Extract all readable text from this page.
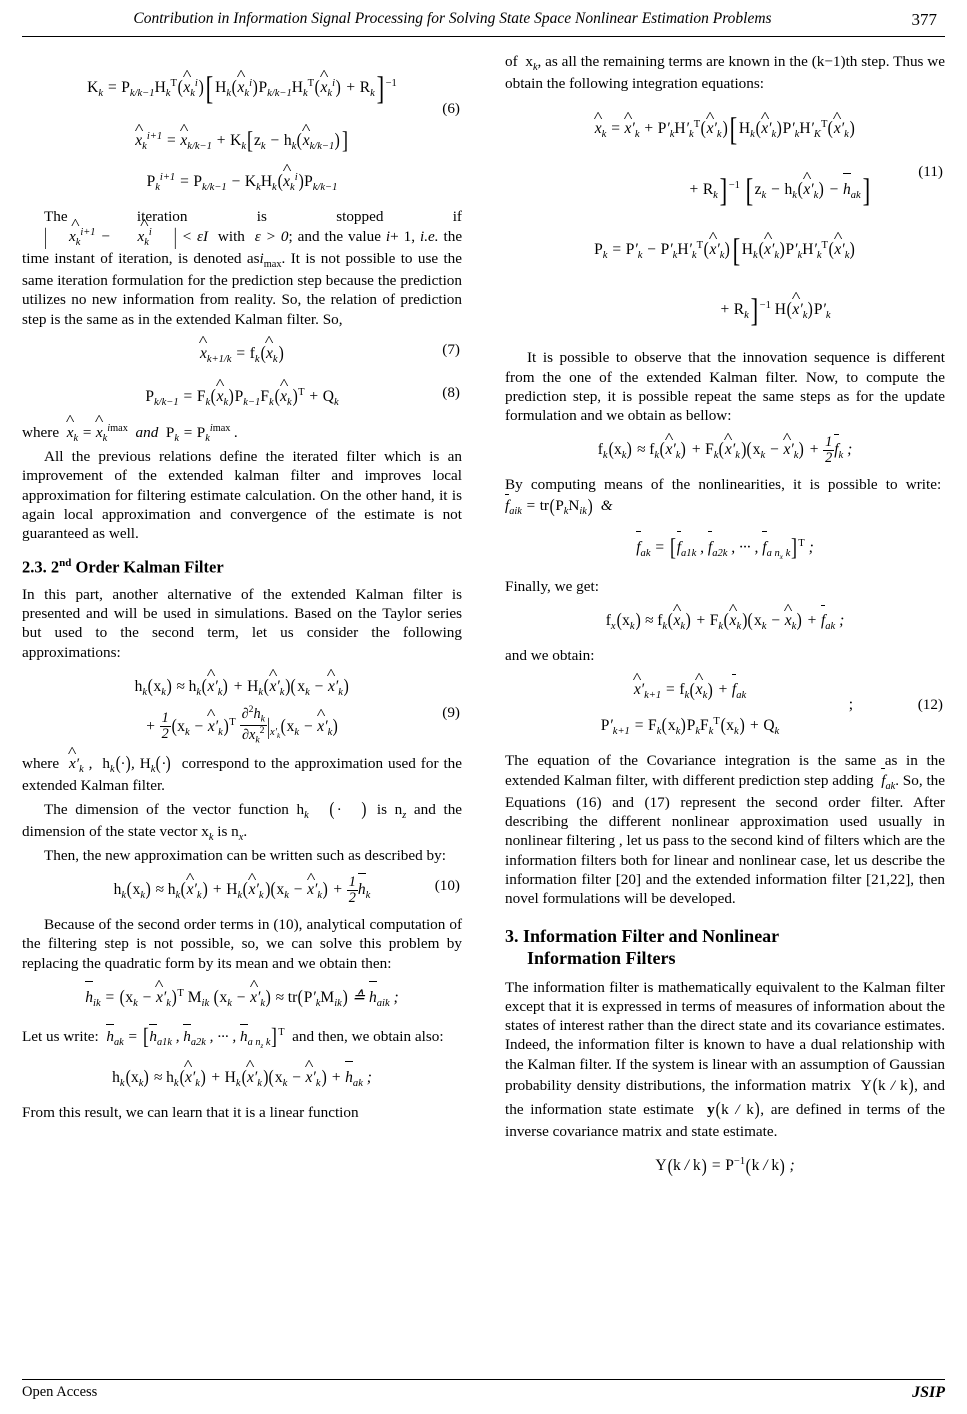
Contribution in Information Signal Processing for Solving State Space Nonlinear Estimation Problems	377
(6)
$K_k$ = $P_{k/k-1}H_k^T(\^{}$ $x_k^i$)[ $H_k(\^{}$ $x_k^i)P_{k/k-1}H_k^T(\^{}$ $x_k^i) + R_k$] $^{-1}$
^ $x_k^{i+1}$ = ^ $x_{k/k-1} + K_k[z_k$ − $h_k(\^{}$ $x_{k/k-1}$)]
$P_k^{i+1} = P_{k/k-1}$ − $K_kH_k(\^{}$ $x_k^i)P_{k/k-1}$

The iteration is stopped if | ^ $x_k^{i+1}$ − ^ $x_k^i$ | < εI with  ε > 0; and the value i+ 1, i.e. the time instant of iteration, is denoted asi$_{max}$. It is not possible to use the same iteration formulation for the prediction step because the prediction utilizes no new information from reality. So, the relation of prediction step is the same as in the extended Kalman filter. So,

(7)
^ $x_{k+1/k}$ = $f_k(\^{}$ $x_k$)
(8)
$P_{k/k-1}$ = $F_k(\^{}$ $x_k)P_{k-1}F_k(\^{}$ $x_k)^T + Q_k$

where ^ $x_k$ = ^ $x_k^{imax}$ and $P_k = P_k^{imax}$ .

All the previous relations define the iterated filter which is an improvement of the extended kalman filter and improves local approximation for filtering estimate calculation. On the other hand, it is again local approximation and convergence of the estimate is not guaranteed as well.

2.3. 2nd Order Kalman Filter

In this part, another alternative of the extended Kalman filter is presented and will be used in simulations. Based on the Taylor series but used to the second term, let us consider the following approximations:

(9)
$h_k(x_k)$ ≈ $h_k(\^{}$ $x'_k$) + $H_k(\^{}$ $x'_k)(x_k$ − ^ $x'_k$)
+ $\frac{1}{2} (x_k$ − ^ $x'_k)^T \frac{\partial^2h_k}{\partial x_k^2} |_{x'_k}(x_k$ − ^ $x'_k$)

where ^ $x'_k$ ,  $h_k(\cdot)$, $H_k(\cdot)$ correspond to the approximation used for the extended Kalman filter.

The dimension of the vector function $h_k$ ( · ) is $n_z$ and the dimension of the state vector $x_k$ is $n_x$.

Then, the new approximation can be written such as described by:

(10)
$h_k(x_k)$ ≈ $h_k(\^{}$ $x'_k$) + $H_k(\^{}$ $x'_k)(x_k$ − ^ $x'_k) + \frac{1}{2} h_k$

Because of the second order terms in (10), analytical computation of the filtering step is not possible, so, we can solve this problem by replacing the quadratic form by its mean and we obtain then:

$h_{ik} = (x_k$ − ^ $x'_k)^T$ $M_{ik}$ ($x_k$ − ^ $x'_k) \approx tr(P'_kM_{ik})$ ≙ $h_{aik}$ ;

Let us write: $h_{ak} = [h_{a1k}$ , $h_{a2k}$ , ··· , $h_{a n_z k}]^T$ and then, we obtain also:

$h_k(x_k)$ ≈ $h_k(\^{}$ $x'_k$) + $H_k(\^{}$ $x'_k)(x_k$ − ^ $x'_k) + h_{ak}$ ;

From this result, we can learn that it is a linear function

of $x_k$, as all the remaining terms are known in the (k−1)th step. Thus we obtain the following integration equations:

(11)
^ $x_k$ = ^ $x'_k$ + $P'_kH'_k^T(\^{}$ $x'_k$)[ $H_k(\^{}$ $x'_k)P'_kH'_K^T(\^{}$ $x'_k$)
+ $R_k$] $^{-1}$ [ $z_k$ − $h_k(\^{}$ $x'_k) - h_{ak}$]
$P_k = P'_k$ − $P'_kH'_k^T(\^{}$ $x'_k$)[ $H_k(\^{}$ $x'_k)P'_kH'_k^T(\^{}$ $x'_k$)
+ $R_k$] $^{-1}$ H(^ $x'_k)P'_k$

It is possible to observe that the innovation sequence is different from the one of the extended Kalman filter. Now, to compute the prediction step, it is possible repeat the same steps as for the update formulation and we obtain as bellow:

$f_k(x_k)$ ≈ $f_k(\^{}$ $x'_k$) + $F_k(\^{}$ $x'_k)(x_k$ − ^ $x'_k) + \frac{1}{2} f_k$ ;

By computing means of the nonlinearities, it is possible to write:  $f_{aik} = tr(P_kN_{ik})$  &

$f_{ak} = [f_{a1k}$ , $f_{a2k}$ , ··· , $f_{a n_x k}]^T$ ;

Finally, we get:

$f_x(x_k)$ ≈ $f_k(\^{}$ $x_k$) + $F_k(\^{}$ $x_k)(x_k$ − ^ $x_k) + f_{ak}$ ;

and we obtain:

(12)
;
^ $x'_{k+1}$ = $f_k(\^{}$ $x_k) + f_{ak}$
$P'_{k+1} = F_k(x_k)P_kF_k^T(x_k) + Q_k$

The equation of the Covariance integration is the same as in the extended Kalman filter, with different prediction step adding $f_{ak}$. So, the Equations (16) and (17) represent the second order filter. After describing the different nonlinear approximation used usually in nonlinear filtering , let us pass to the second kind of filters which are the information filters both for linear and nonlinear case, let us describe the information filter [20] and the extended information filter [21,22], then novel formulations will be developed.

3. Information Filter and Nonlinear
Information Filters

The information filter is mathematically equivalent to the Kalman filter except that it is expressed in terms of measures of information about the states of interest rather than the direct state and its covariance estimates. Indeed, the information filter is known to have a dual relationship with the Kalman filter. If the system is linear with an assumption of Gaussian probability density distributions, the information matrix Y(k / k), and the information state estimate y(k / k), are defined in terms of the inverse covariance matrix and state estimate.

$Y(k / k) = P^{-1}(k / k)$ ;
Open Access	JSIP
